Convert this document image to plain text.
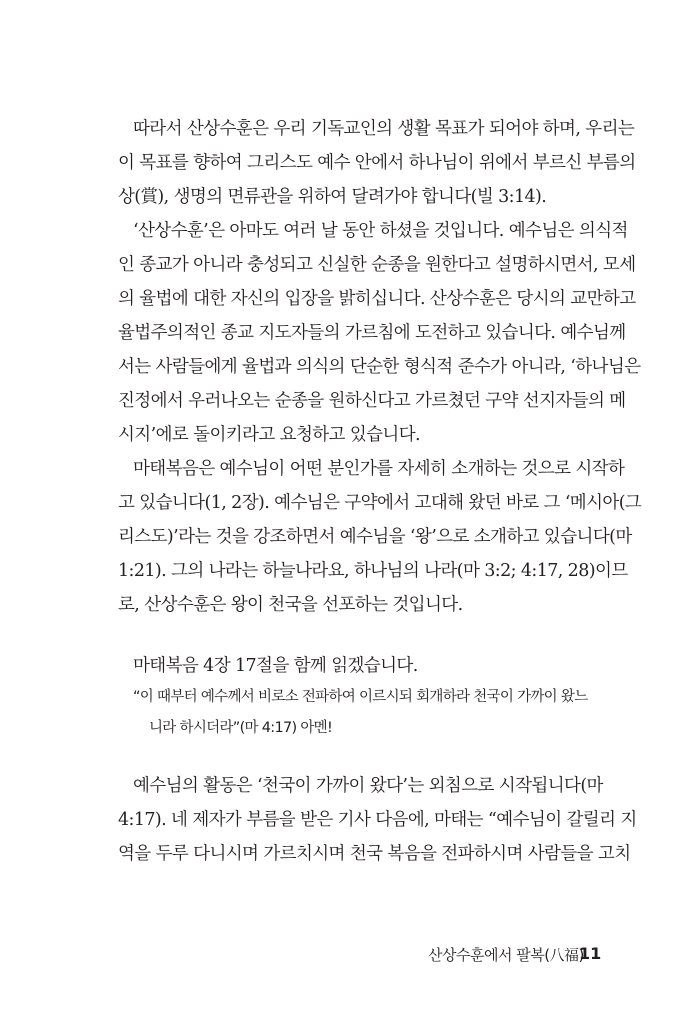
따라서 산상수훈은 우리 기독교인의 생활 목표가 되어야 하며, 우리는
이 목표를 향하여 그리스도 예수 안에서 하나님이 위에서 부르신 부름의
상(賞), 생명의 면류관을 위하여 달려가야 합니다(빌 3:14).
‘산상수훈’은 아마도 여러 날 동안 하셨을 것입니다. 예수님은 의식적
인 종교가 아니라 충성되고 신실한 순종을 원한다고 설명하시면서, 모세
의 율법에 대한 자신의 입장을 밝히십니다. 산상수훈은 당시의 교만하고
율법주의적인 종교 지도자들의 가르침에 도전하고 있습니다. 예수님께
서는 사람들에게 율법과 의식의 단순한 형식적 준수가 아니라, ‘하나님은
진정에서 우러나오는 순종을 원하신다고 가르쳤던 구약 선지자들의 메
시지’에로 돌이키라고 요청하고 있습니다.
마태복음은 예수님이 어떤 분인가를 자세히 소개하는 것으로 시작하
고 있습니다(1, 2장). 예수님은 구약에서 고대해 왔던 바로 그 ‘메시아(그
리스도)’라는 것을 강조하면서 예수님을 ‘왕’으로 소개하고 있습니다(마
1:21). 그의 나라는 하늘나라요, 하나님의 나라(마 3:2; 4:17, 28)이므
로, 산상수훈은 왕이 천국을 선포하는 것입니다.
마태복음 4장 17절을 함께 읽겠습니다.
“이 때부터 예수께서 비로소 전파하여 이르시되 회개하라 천국이 가까이 왔느
니라 하시더라”(마 4:17) 아멘!
예수님의 활동은 ‘천국이 가까이 왔다’는 외침으로 시작됩니다(마
4:17). 네 제자가 부름을 받은 기사 다음에, 마태는 “예수님이 갈릴리 지
역을 두루 다니시며 가르치시며 천국 복음을 전파하시며 사람들을 고치
산상수훈에서 팔복(八福)
11
